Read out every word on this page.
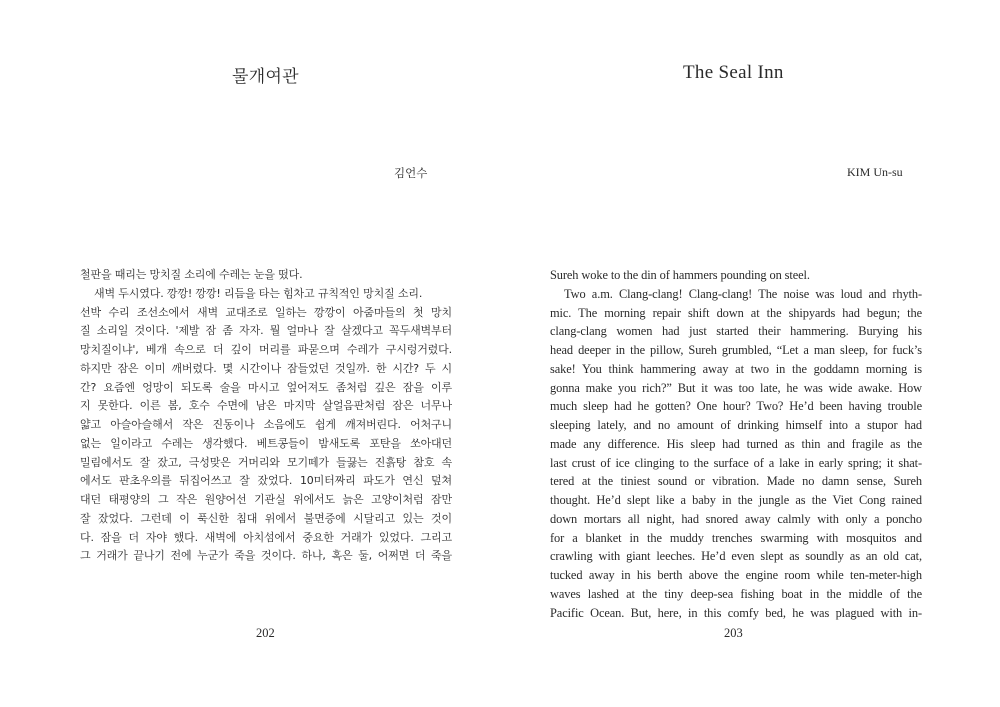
물개여관
김언수
철판을 때리는 망치질 소리에 수레는 눈을 떴다.
새벽 두시였다. 깡깡! 깡깡! 리듬을 타는 힘차고 규칙적인 망치질 소리.
선박 수리 조선소에서 새벽 교대조로 일하는 깡깡이 아줌마들의 첫 망치
질 소리일 것이다. '제발 잠 좀 자자. 뭘 얼마나 잘 살겠다고 꼭두새벽부터
망치질이냐', 베개 속으로 더 깊이 머리를 파묻으며 수레가 구시렁거렸다.
하지만 잠은 이미 깨버렸다. 몇 시간이나 잠들었던 것일까. 한 시간? 두 시
간? 요즘엔 엉망이 되도록 술을 마시고 엎어져도 좀처럼 깊은 잠을 이루
지 못한다. 이른 봄, 호수 수면에 남은 마지막 살얼음판처럼 잠은 너무나
얇고 아슬아슬해서 작은 진동이나 소음에도 쉽게 깨져버린다. 어처구니
없는 일이라고 수레는 생각했다. 베트콩들이 밤새도록 포탄을 쏘아대던
밀림에서도 잘 잤고, 극성맞은 거머리와 모기떼가 들끓는 진흙탕 참호 속
에서도 판초우의를 뒤집어쓰고 잘 잤었다. 10미터짜리 파도가 연신 덮쳐
대던 태평양의 그 작은 원양어선 기관실 위에서도 늙은 고양이처럼 잠만
잘 잤었다. 그런데 이 푹신한 침대 위에서 불면증에 시달리고 있는 것이
다. 잠을 더 자야 했다. 새벽에 아치섬에서 중요한 거래가 있었다. 그리고
그 거래가 끝나기 전에 누군가 죽을 것이다. 하나, 혹은 둘, 어쩌면 더 죽을
202
The Seal Inn
KIM Un-su
Sureh woke to the din of hammers pounding on steel.
Two a.m. Clang-clang! Clang-clang! The noise was loud and rhyth-
mic. The morning repair shift down at the shipyards had begun; the
clang-clang women had just started their hammering. Burying his
head deeper in the pillow, Sureh grumbled, “Let a man sleep, for fuck’s
sake! You think hammering away at two in the goddamn morning is
gonna make you rich?” But it was too late, he was wide awake. How
much sleep had he gotten? One hour? Two? He’d been having trouble
sleeping lately, and no amount of drinking himself into a stupor had
made any difference. His sleep had turned as thin and fragile as the
last crust of ice clinging to the surface of a lake in early spring; it shat-
tered at the tiniest sound or vibration. Made no damn sense, Sureh
thought. He’d slept like a baby in the jungle as the Viet Cong rained
down mortars all night, had snored away calmly with only a poncho
for a blanket in the muddy trenches swarming with mosquitos and
crawling with giant leeches. He’d even slept as soundly as an old cat,
tucked away in his berth above the engine room while ten-meter-high
waves lashed at the tiny deep-sea fishing boat in the middle of the
Pacific Ocean. But, here, in this comfy bed, he was plagued with in-
203
